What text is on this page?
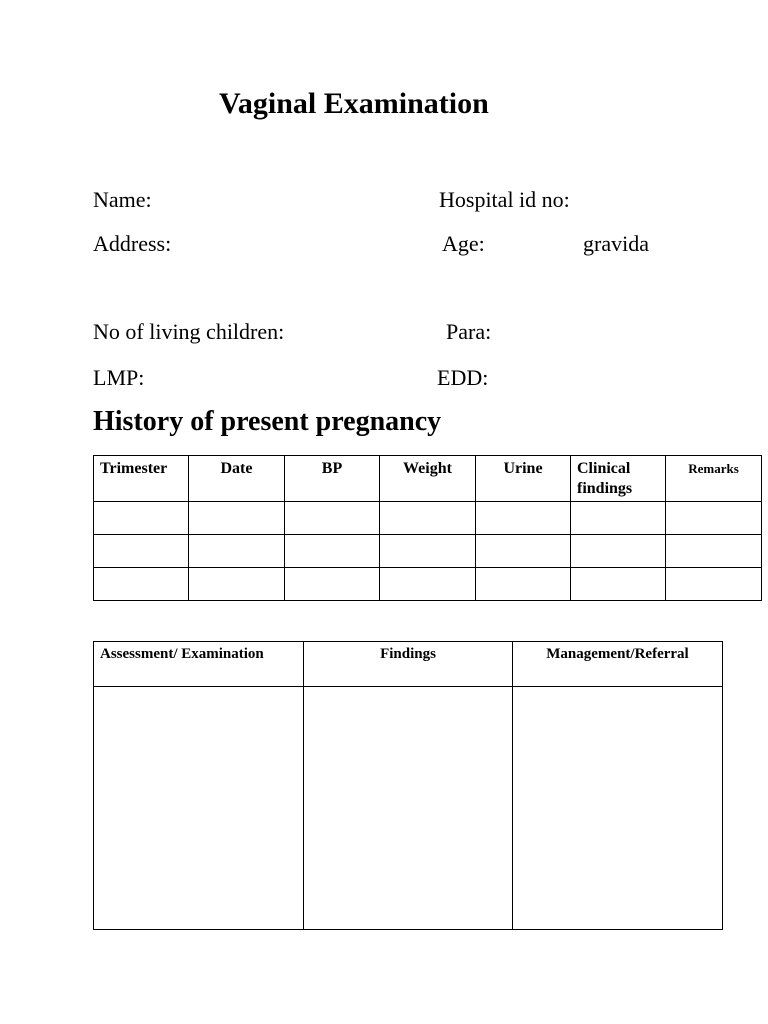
Vaginal Examination
Name:	Hospital id no:
Address:	Age:	gravida
No of living children:	Para:
LMP:	EDD:
History of present pregnancy
Trimester	Date	BP	Weight	Urine	Clinical findings	Remarks

Assessment/ Examination	Findings	Management/Referral
